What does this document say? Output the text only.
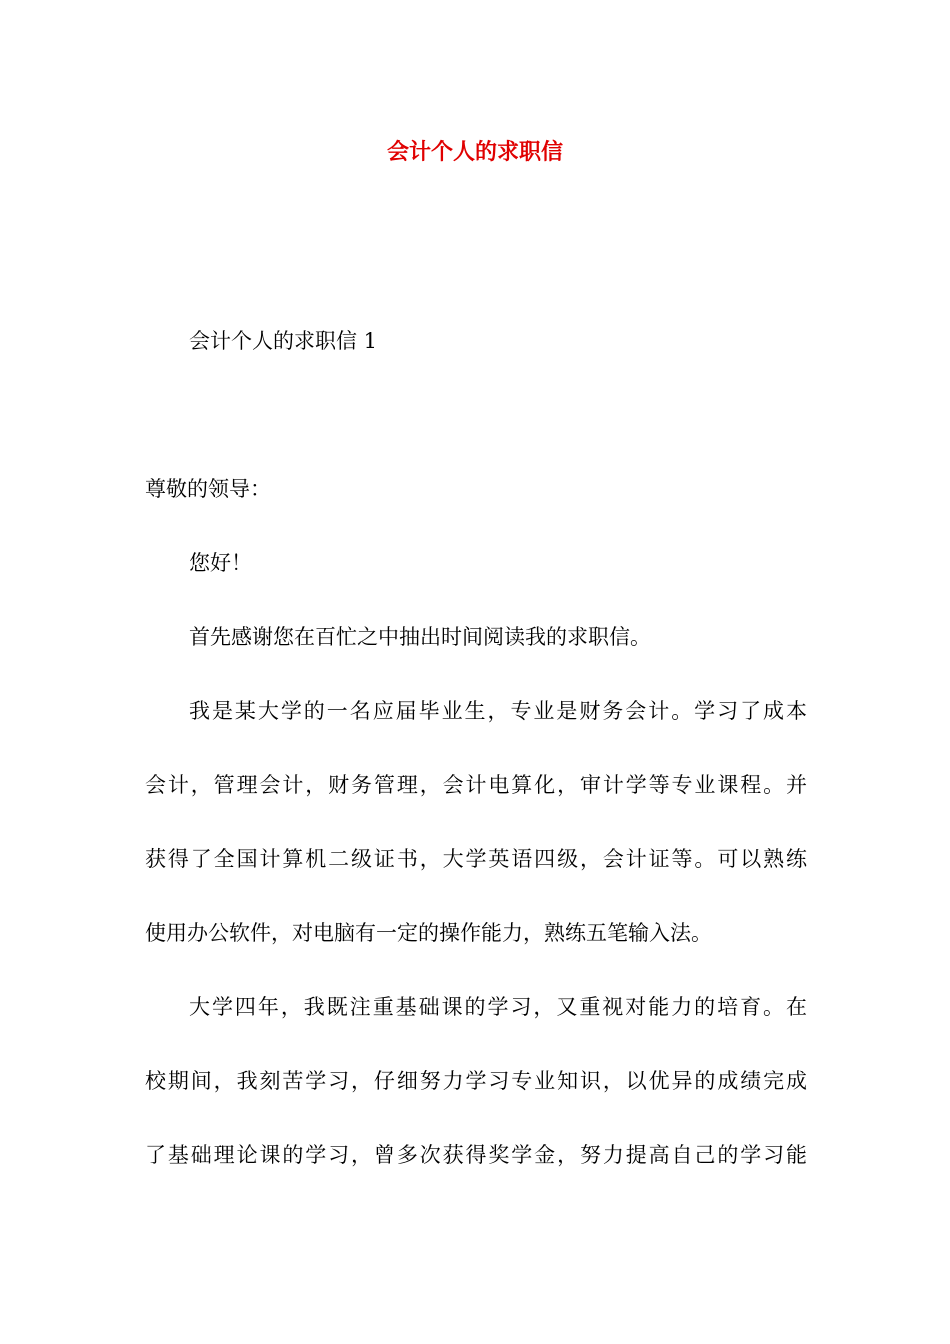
会计个人的求职信
会计个人的求职信 1
尊敬的领导：
您好！
首先感谢您在百忙之中抽出时间阅读我的求职信。
我是某大学的一名应届毕业生，专业是财务会计。学习了成本
会计，管理会计，财务管理，会计电算化，审计学等专业课程。并
获得了全国计算机二级证书，大学英语四级，会计证等。可以熟练
使用办公软件，对电脑有一定的操作能力，熟练五笔输入法。
大学四年，我既注重基础课的学习，又重视对能力的培育。在
校期间，我刻苦学习，仔细努力学习专业知识，以优异的成绩完成
了基础理论课的学习，曾多次获得奖学金，努力提高自己的学习能
